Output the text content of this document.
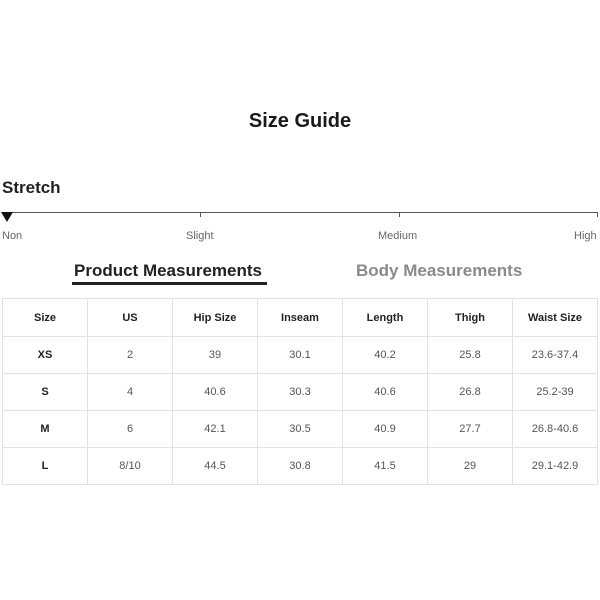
Size Guide
Stretch
Non	Slight	Medium	High
Product Measurements	Body Measurements
Size	US	Hip Size	Inseam	Length	Thigh	Waist Size
XS	2	39	30.1	40.2	25.8	23.6-37.4
S	4	40.6	30.3	40.6	26.8	25.2-39
M	6	42.1	30.5	40.9	27.7	26.8-40.6
L	8/10	44.5	30.8	41.5	29	29.1-42.9
